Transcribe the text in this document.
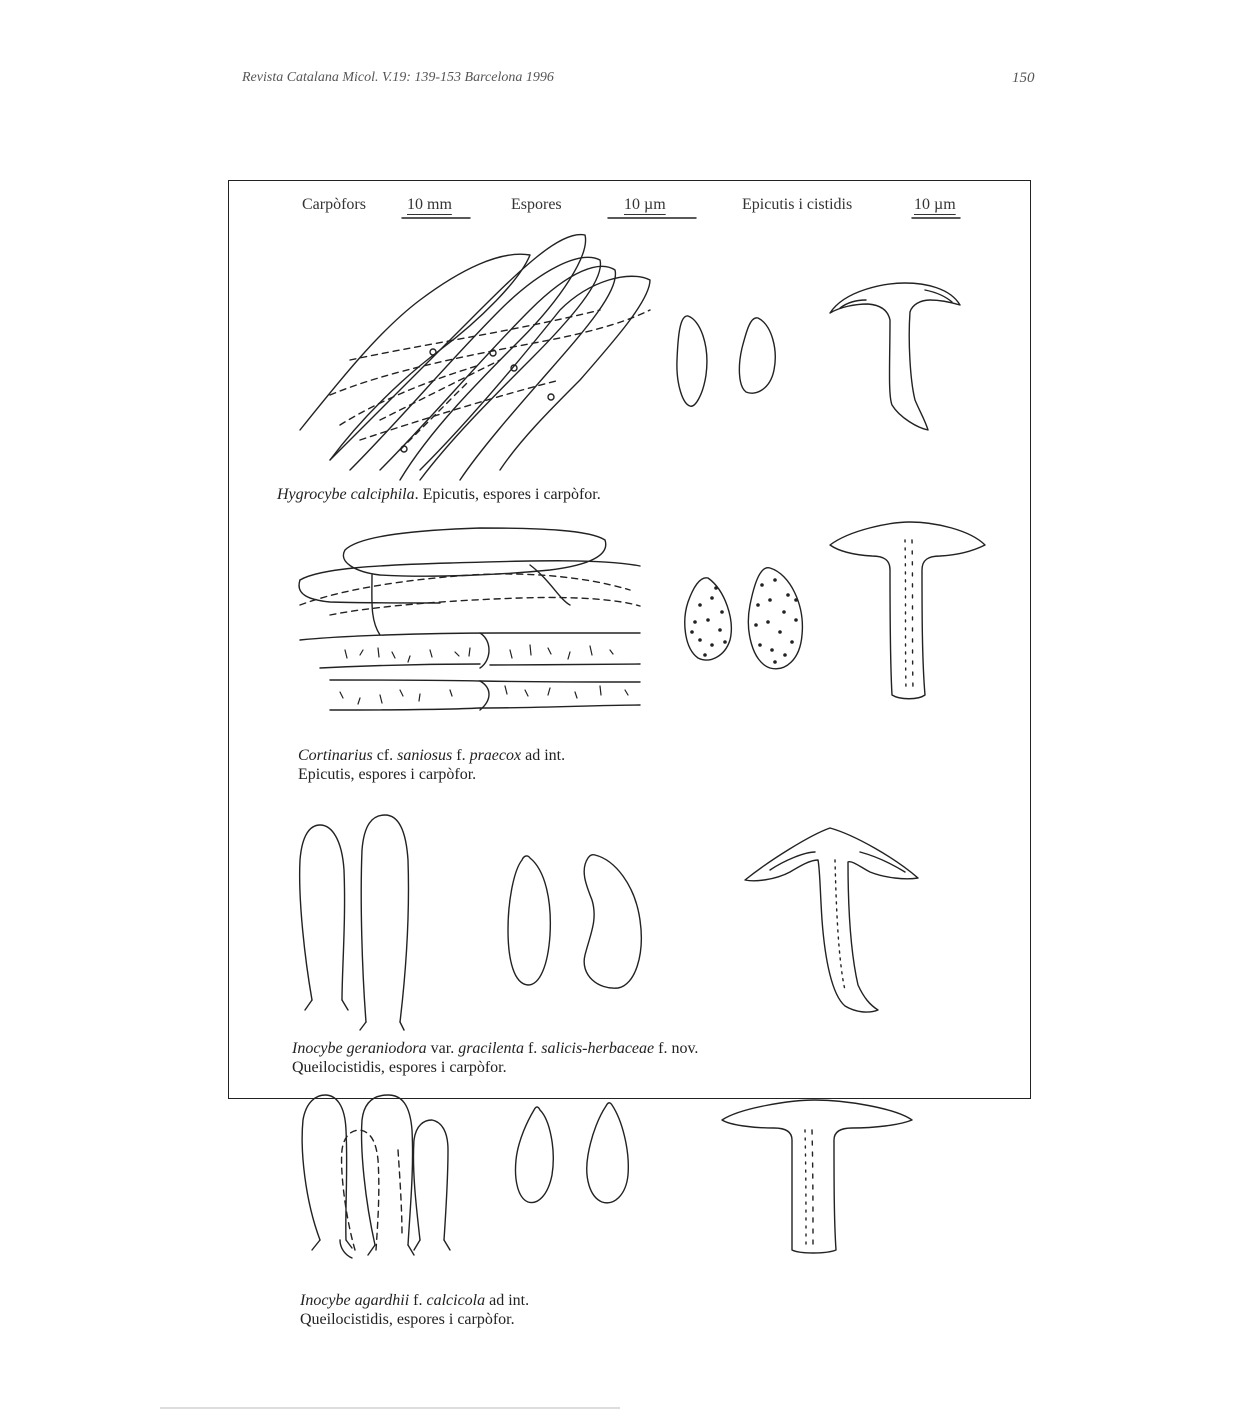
Revista Catalana Micol. V.19: 139-153 Barcelona 1996	150
Carpòfors	10 mm	Espores	10 µm	Epicutis i cistidis	10 µm
Hygrocybe calciphila. Epicutis, espores i carpòfor.
Cortinarius cf. saniosus f. praecox ad int.
Epicutis, espores i carpòfor.
Inocybe geraniodora var. gracilenta f. salicis-herbaceae f. nov.
Queilocistidis, espores i carpòfor.
Inocybe agardhii f. calcicola ad int.
Queilocistidis, espores i carpòfor.
